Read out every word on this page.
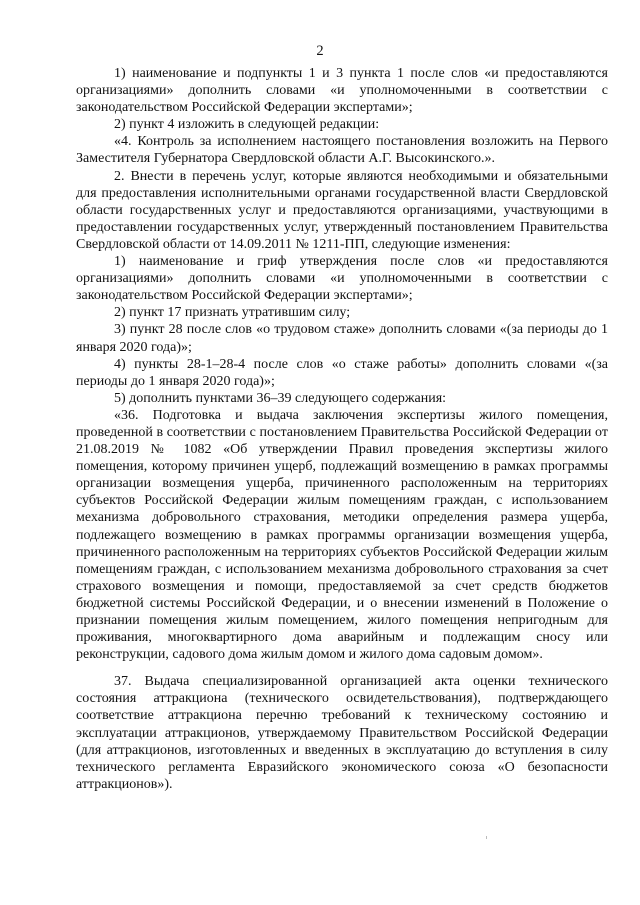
2

1) наименование и подпункты 1 и 3 пункта 1 после слов «и предоставляются организациями» дополнить словами «и уполномоченными в соответствии с законодательством Российской Федерации экспертами»;

2) пункт 4 изложить в следующей редакции:

«4. Контроль за исполнением настоящего постановления возложить на Первого Заместителя Губернатора Свердловской области А.Г. Высокинского.».

2. Внести в перечень услуг, которые являются необходимыми и обязательными для предоставления исполнительными органами государственной власти Свердловской области государственных услуг и предоставляются организациями, участвующими в предоставлении государственных услуг, утвержденный постановлением Правительства Свердловской области от 14.09.2011 № 1211-ПП, следующие изменения:

1) наименование и гриф утверждения после слов «и предоставляются организациями» дополнить словами «и уполномоченными в соответствии с законодательством Российской Федерации экспертами»;

2) пункт 17 признать утратившим силу;

3) пункт 28 после слов «о трудовом стаже» дополнить словами «(за периоды до 1 января 2020 года)»;

4) пункты 28-1–28-4 после слов «о стаже работы» дополнить словами «(за периоды до 1 января 2020 года)»;

5) дополнить пунктами 36–39 следующего содержания:

«36. Подготовка и выдача заключения экспертизы жилого помещения, проведенной в соответствии с постановлением Правительства Российской Федерации от 21.08.2019 № 1082 «Об утверждении Правил проведения экспертизы жилого помещения, которому причинен ущерб, подлежащий возмещению в рамках программы организации возмещения ущерба, причиненного расположенным на территориях субъектов Российской Федерации жилым помещениям граждан, с использованием механизма добровольного страхования, методики определения размера ущерба, подлежащего возмещению в рамках программы организации возмещения ущерба, причиненного расположенным на территориях субъектов Российской Федерации жилым помещениям граждан, с использованием механизма добровольного страхования за счет страхового возмещения и помощи, предоставляемой за счет средств бюджетов бюджетной системы Российской Федерации, и о внесении изменений в Положение о признании помещения жилым помещением, жилого помещения непригодным для проживания, многоквартирного дома аварийным и подлежащим сносу или реконструкции, садового дома жилым домом и жилого дома садовым домом».

37. Выдача специализированной организацией акта оценки технического состояния аттракциона (технического освидетельствования), подтверждающего соответствие аттракциона перечню требований к техническому состоянию и эксплуатации аттракционов, утверждаемому Правительством Российской Федерации (для аттракционов, изготовленных и введенных в эксплуатацию до вступления в силу технического регламента Евразийского экономического союза «О безопасности аттракционов»).
